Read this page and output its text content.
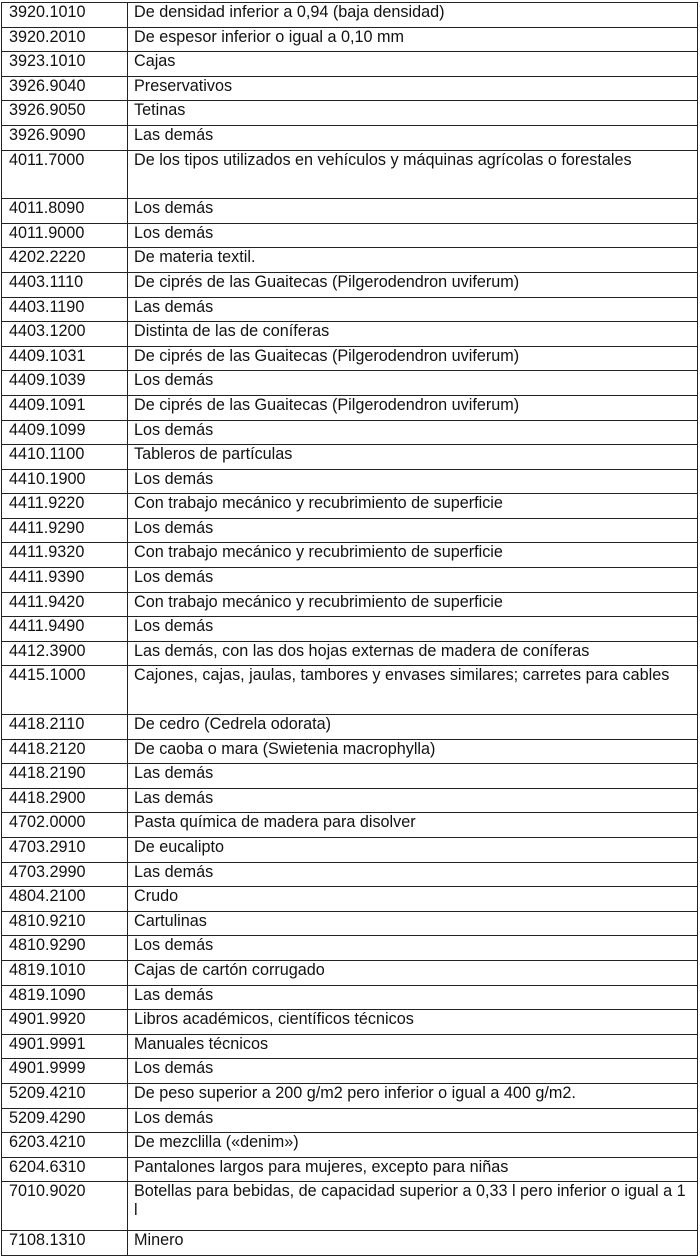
3920.1010	De densidad inferior a 0,94 (baja densidad)
3920.2010	De espesor inferior o igual a 0,10 mm
3923.1010	Cajas
3926.9040	Preservativos
3926.9050	Tetinas
3926.9090	Las demás
4011.7000	De los tipos utilizados en vehículos y máquinas agrícolas o forestales
4011.8090	Los demás
4011.9000	Los demás
4202.2220	De materia textil.
4403.1110	De ciprés de las Guaitecas (Pilgerodendron uviferum)
4403.1190	Las demás
4403.1200	Distinta de las de coníferas
4409.1031	De ciprés de las Guaitecas (Pilgerodendron uviferum)
4409.1039	Los demás
4409.1091	De ciprés de las Guaitecas (Pilgerodendron uviferum)
4409.1099	Los demás
4410.1100	Tableros de partículas
4410.1900	Los demás
4411.9220	Con trabajo mecánico y recubrimiento de superficie
4411.9290	Los demás
4411.9320	Con trabajo mecánico y recubrimiento de superficie
4411.9390	Los demás
4411.9420	Con trabajo mecánico y recubrimiento de superficie
4411.9490	Los demás
4412.3900	Las demás, con las dos hojas externas de madera de coníferas
4415.1000	Cajones, cajas, jaulas, tambores y envases similares; carretes para cables
4418.2110	De cedro (Cedrela odorata)
4418.2120	De caoba o mara (Swietenia macrophylla)
4418.2190	Las demás
4418.2900	Las demás
4702.0000	Pasta química de madera para disolver
4703.2910	De eucalipto
4703.2990	Las demás
4804.2100	Crudo
4810.9210	Cartulinas
4810.9290	Los demás
4819.1010	Cajas de cartón corrugado
4819.1090	Las demás
4901.9920	Libros académicos, científicos técnicos
4901.9991	Manuales técnicos
4901.9999	Los demás
5209.4210	De peso superior a 200 g/m2 pero inferior o igual a 400 g/m2.
5209.4290	Los demás
6203.4210	De mezclilla («denim»)
6204.6310	Pantalones largos para mujeres, excepto para niñas
7010.9020	Botellas para bebidas, de capacidad superior a 0,33 l pero inferior o igual a 1 l
7108.1310	Minero
